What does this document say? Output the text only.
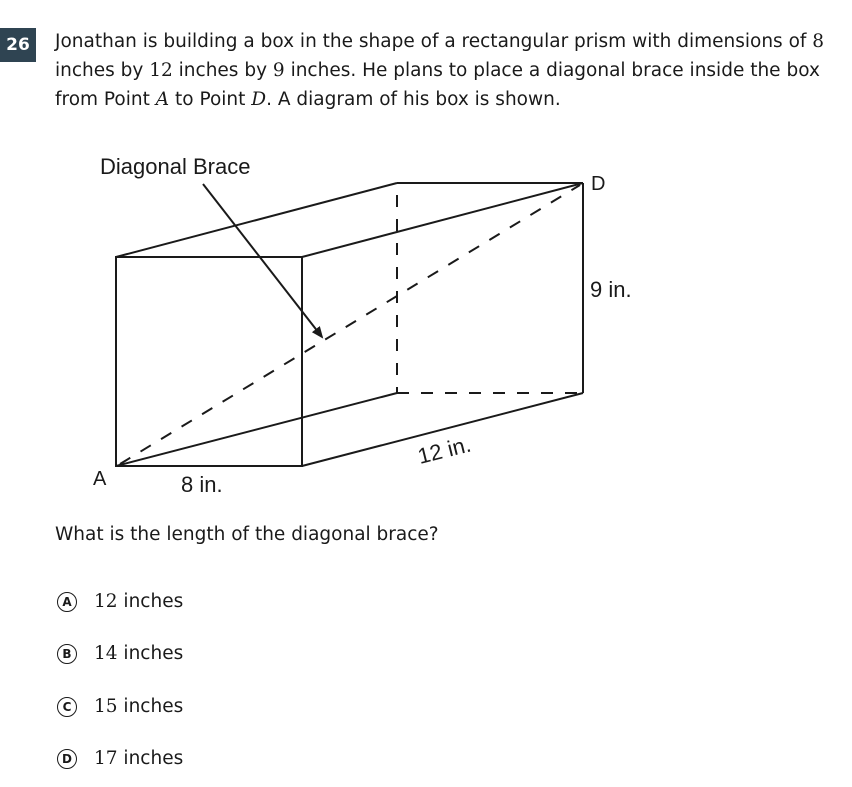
26	Jonathan is building a box in the shape of a rectangular prism with dimensions of 8 inches by 12 inches by 9 inches. He plans to place a diagonal brace inside the box from Point A to Point D. A diagram of his box is shown.
Diagonal Brace
A
D
8 in.
9 in.
12 in.
What is the length of the diagonal brace?
A 12 inches
B 14 inches
C	15 inches
D 17 inches
